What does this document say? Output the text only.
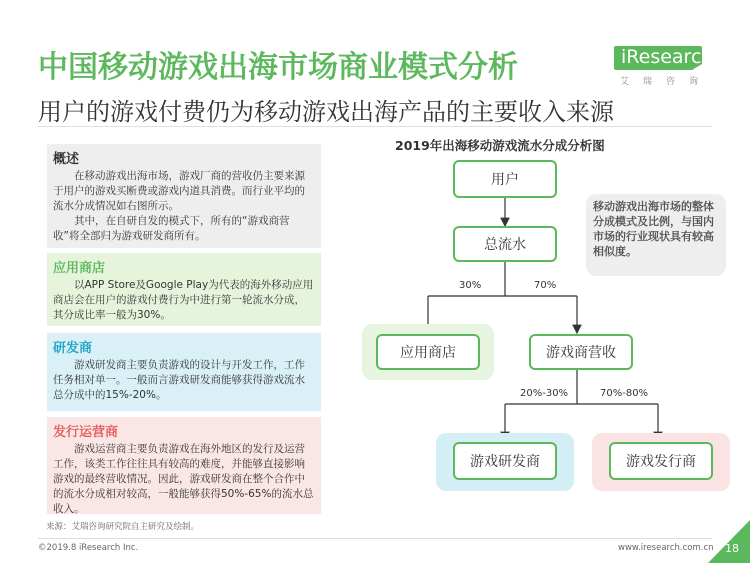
中国移动游戏出海市场商业模式分析
用户的游戏付费仍为移动游戏出海产品的主要收入来源
iResearch
艾瑞咨询
概述
在移动游戏出海市场，游戏厂商的营收仍主要来源于用户的游戏买断费或游戏内道具消费。而行业平均的流水分成情况如右图所示。
其中，在自研自发的模式下，所有的“游戏商营收”将全部归为游戏研发商所有。
应用商店
以APP Store及Google Play为代表的海外移动应用商店会在用户的游戏付费行为中进行第一轮流水分成，其分成比率一般为30%。
研发商
游戏研发商主要负责游戏的设计与开发工作，工作任务相对单一。一般而言游戏研发商能够获得游戏流水总分成中的15%-20%。
发行运营商
游戏运营商主要负责游戏在海外地区的发行及运营工作，该类工作往往具有较高的难度，并能够直接影响游戏的最终营收情况。因此，游戏研发商在整个合作中的流水分成相对较高，一般能够获得50%-65%的流水总收入。
2019年出海移动游戏流水分成分析图
用户
总流水
30%	70%
应用商店	游戏商营收
20%-30%	70%-80%
游戏研发商	游戏发行商
移动游戏出海市场的整体分成模式及比例，与国内市场的行业现状具有较高相似度。
来源：艾瑞咨询研究院自主研究及绘制。
©2019.8 iResearch Inc.	www.iresearch.com.cn 18
